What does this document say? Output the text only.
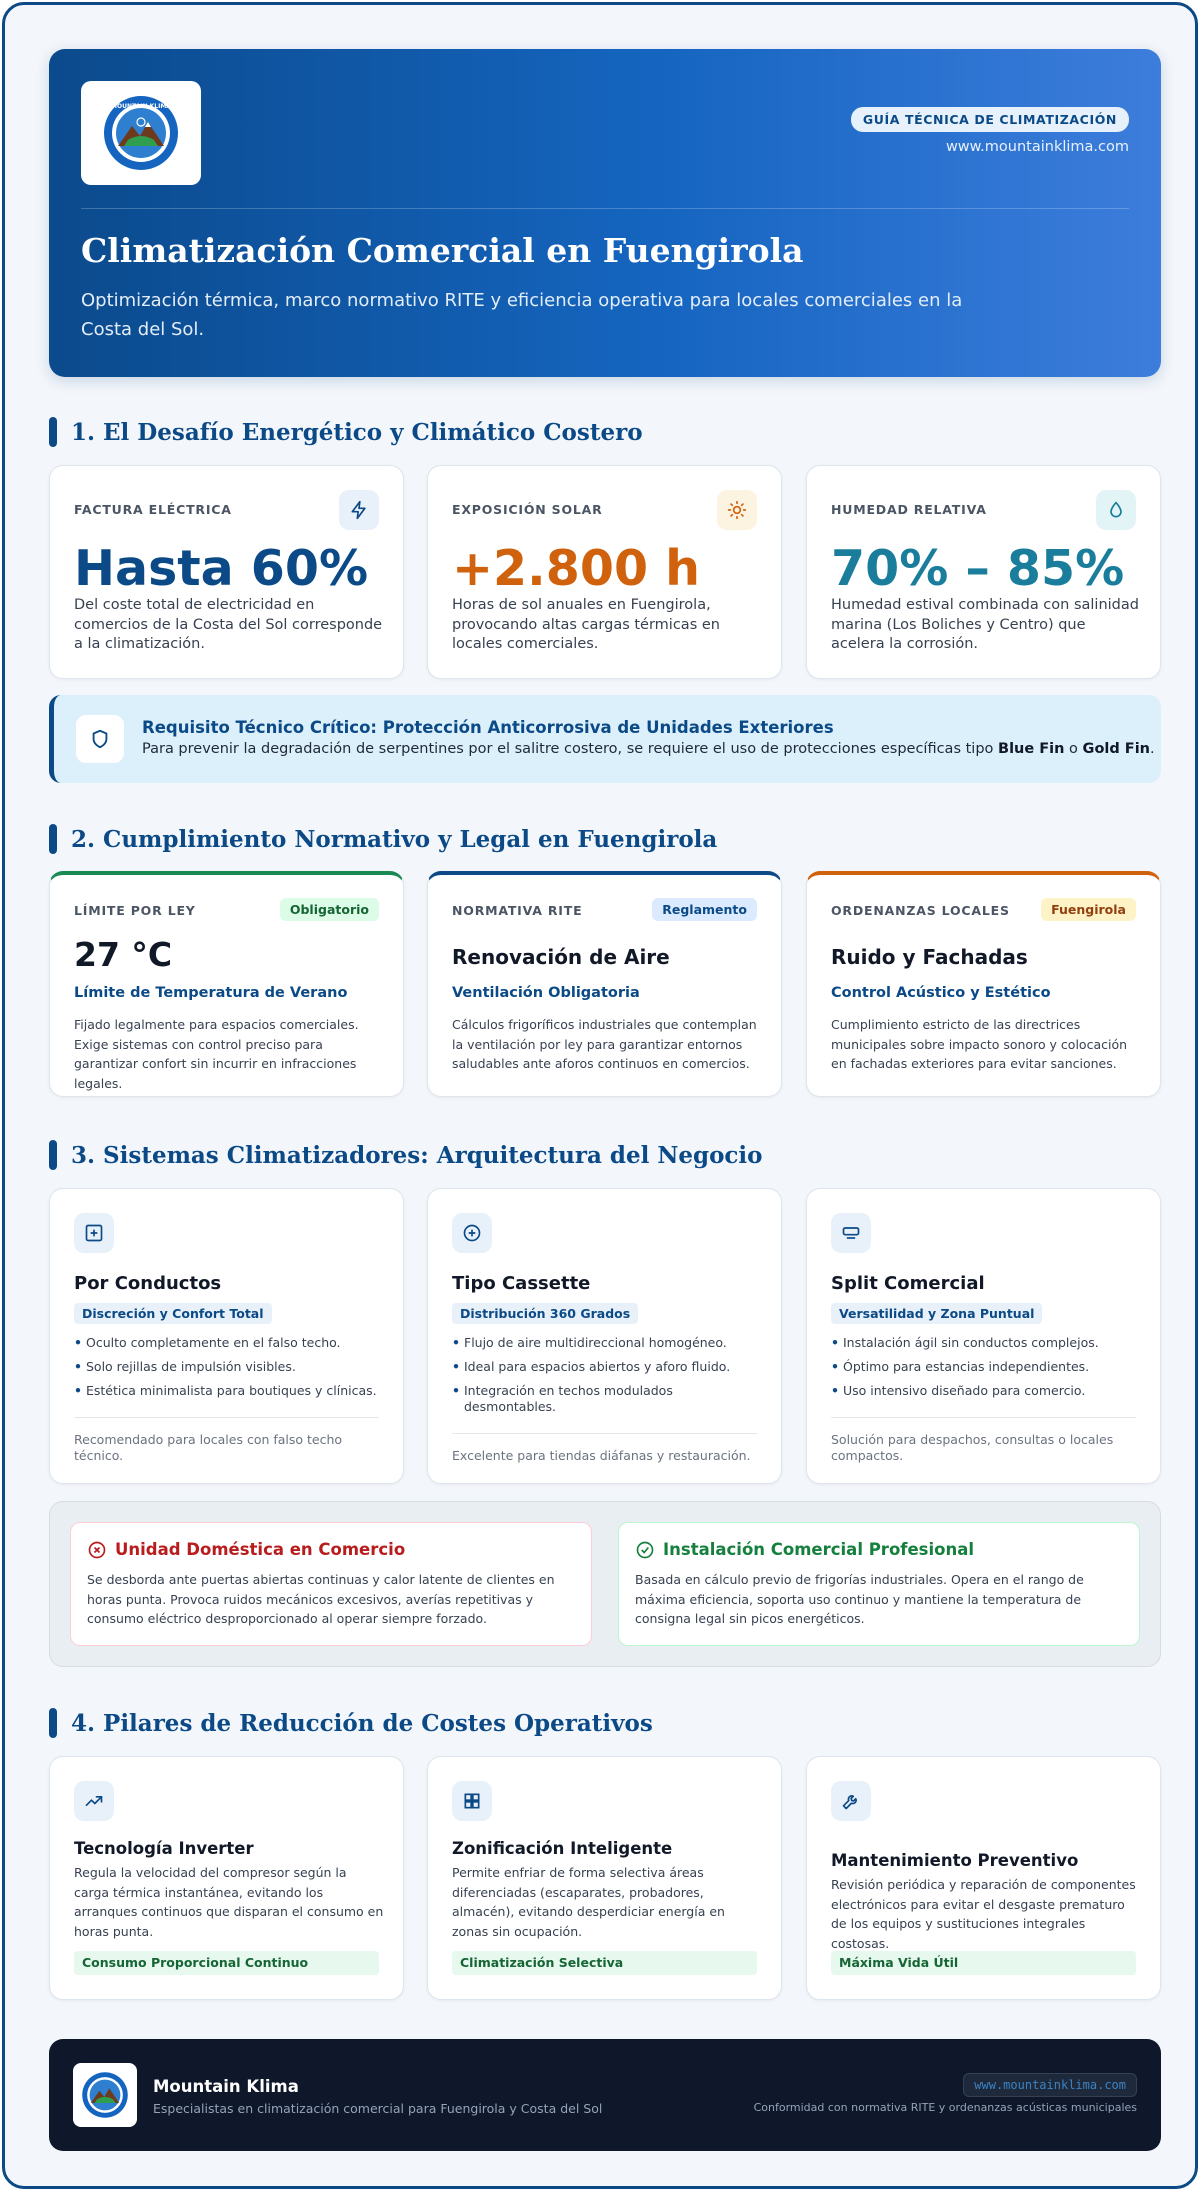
MOUNTAIN KLIMA
GUÍA TÉCNICA DE CLIMATIZACIÓN
www.mountainklima.com
Climatización Comercial en Fuengirola

Optimización térmica, marco normativo RITE y eficiencia operativa para locales comerciales en la Costa del Sol.

1. El Desafío Energético y Climático Costero
FACTURA ELÉCTRICA
Hasta 60%
Del coste total de electricidad en comercios de la Costa del Sol corresponde a la climatización.
EXPOSICIÓN SOLAR
+2.800 h
Horas de sol anuales en Fuengirola, provocando altas cargas térmicas en locales comerciales.
HUMEDAD RELATIVA
70% – 85%
Humedad estival combinada con salinidad marina (Los Boliches y Centro) que acelera la corrosión.
Requisito Técnico Crítico: Protección Anticorrosiva de Unidades Exteriores
Para prevenir la degradación de serpentines por el salitre costero, se requiere el uso de protecciones específicas tipo Blue Fin o Gold Fin.
2. Cumplimiento Normativo y Legal en Fuengirola
LÍMITE POR LEY	Obligatorio
27 °C
Límite de Temperatura de Verano
Fijado legalmente para espacios comerciales. Exige sistemas con control preciso para garantizar confort sin incurrir en infracciones legales.
NORMATIVA RITE	Reglamento
Renovación de Aire
Ventilación Obligatoria
Cálculos frigoríficos industriales que contemplan la ventilación por ley para garantizar entornos saludables ante aforos continuos en comercios.
ORDENANZAS LOCALES	Fuengirola
Ruido y Fachadas
Control Acústico y Estético
Cumplimiento estricto de las directrices municipales sobre impacto sonoro y colocación en fachadas exteriores para evitar sanciones.
3. Sistemas Climatizadores: Arquitectura del Negocio
Por Conductos
Discreción y Confort Total
• Oculto completamente en el falso techo.
• Solo rejillas de impulsión visibles.
• Estética minimalista para boutiques y clínicas.
Recomendado para locales con falso techo técnico.
Tipo Cassette
Distribución 360 Grados
• Flujo de aire multidireccional homogéneo.
• Ideal para espacios abiertos y aforo fluido.
• Integración en techos modulados desmontables.
Excelente para tiendas diáfanas y restauración.
Split Comercial
Versatilidad y Zona Puntual
• Instalación ágil sin conductos complejos.
• Óptimo para estancias independientes.
• Uso intensivo diseñado para comercio.
Solución para despachos, consultas o locales compactos.
Unidad Doméstica en Comercio
Se desborda ante puertas abiertas continuas y calor latente de clientes en horas punta. Provoca ruidos mecánicos excesivos, averías repetitivas y consumo eléctrico desproporcionado al operar siempre forzado.
Instalación Comercial Profesional
Basada en cálculo previo de frigorías industriales. Opera en el rango de máxima eficiencia, soporta uso continuo y mantiene la temperatura de consigna legal sin picos energéticos.
4. Pilares de Reducción de Costes Operativos
Tecnología Inverter
Regula la velocidad del compresor según la carga térmica instantánea, evitando los arranques continuos que disparan el consumo en horas punta.
Consumo Proporcional Continuo
Zonificación Inteligente
Permite enfriar de forma selectiva áreas diferenciadas (escaparates, probadores, almacén), evitando desperdiciar energía en zonas sin ocupación.
Climatización Selectiva
Mantenimiento Preventivo
Revisión periódica y reparación de componentes electrónicos para evitar el desgaste prematuro de los equipos y sustituciones integrales costosas.
Máxima Vida Útil
Mountain Klima
Especialistas en climatización comercial para Fuengirola y Costa del Sol
www.mountainklima.com
Conformidad con normativa RITE y ordenanzas acústicas municipales
